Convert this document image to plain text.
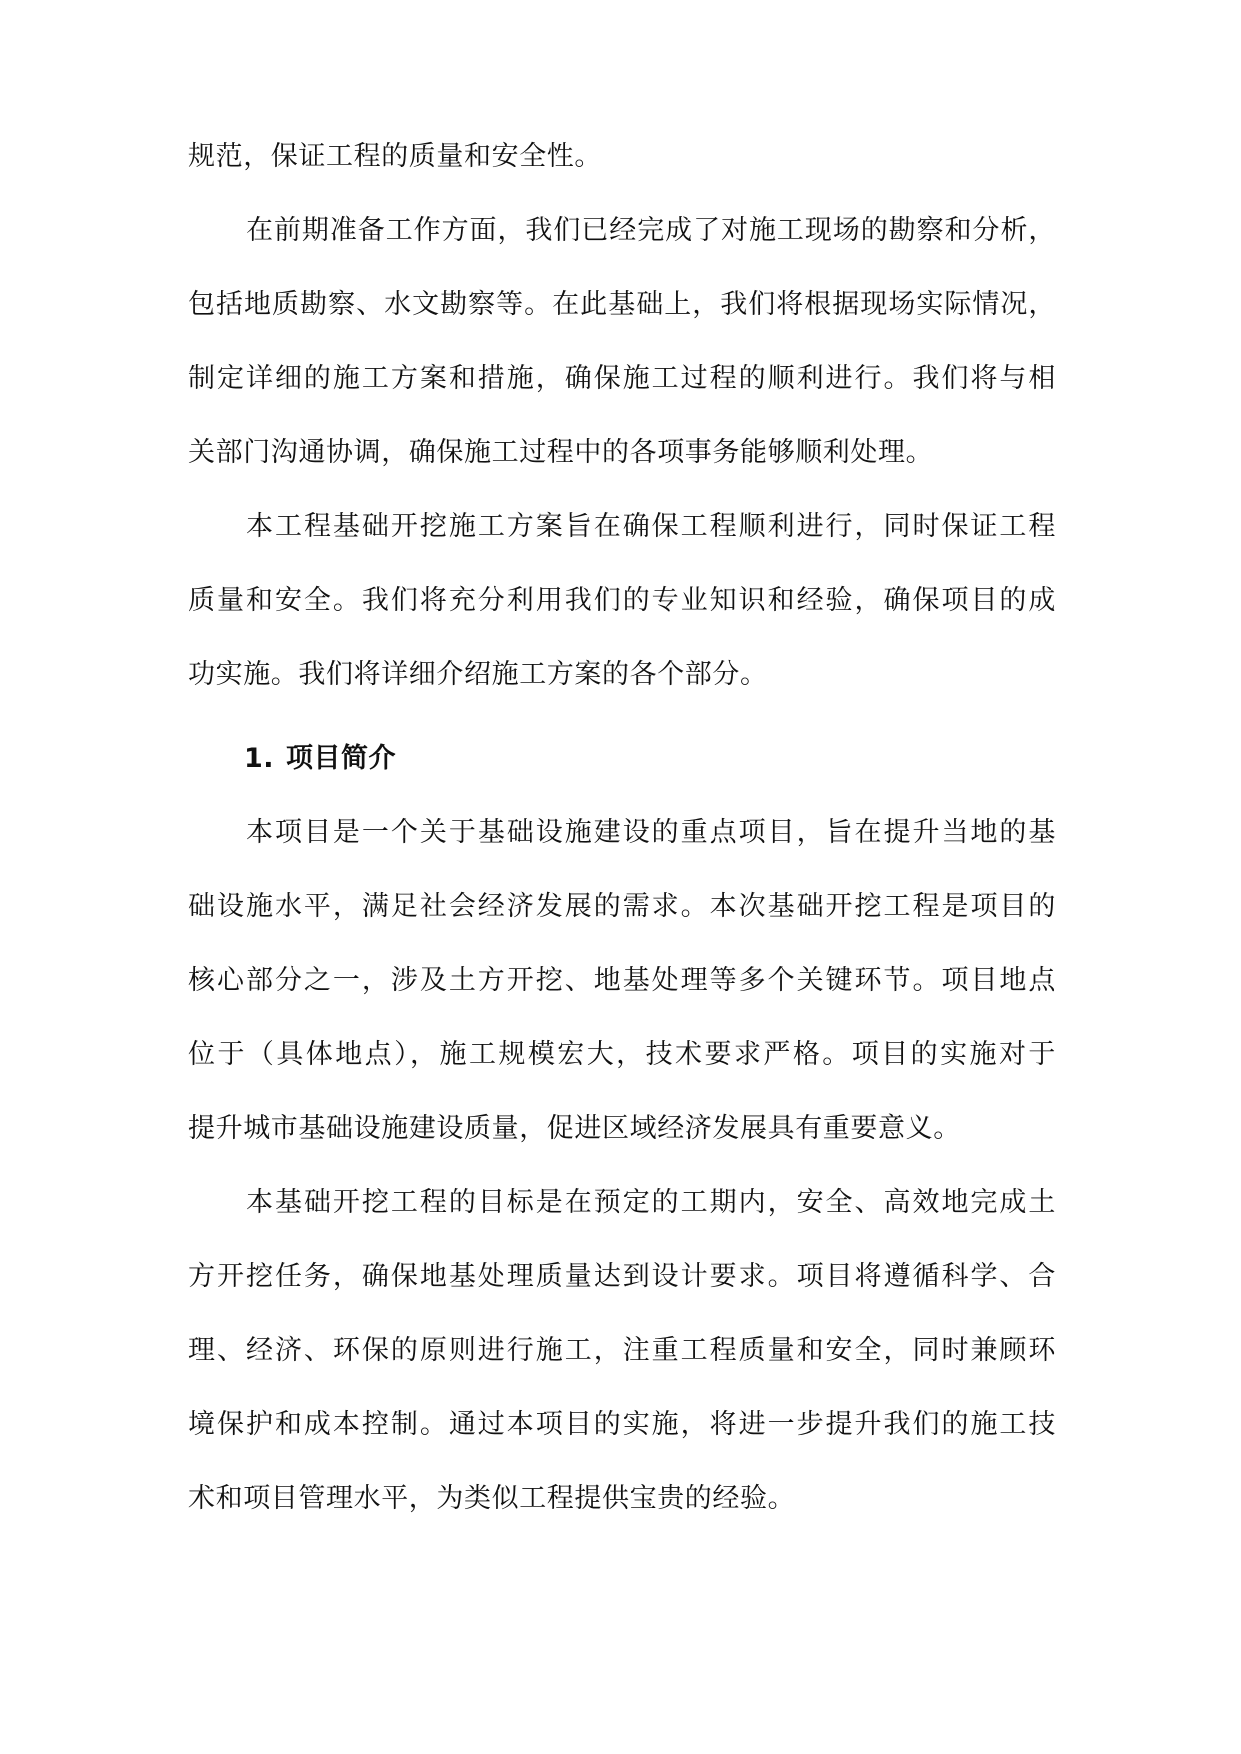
规范，保证工程的质量和安全性。
在前期准备工作方面，我们已经完成了对施工现场的勘察和分析，
包括地质勘察、水文勘察等。在此基础上，我们将根据现场实际情况，
制定详细的施工方案和措施，确保施工过程的顺利进行。我们将与相
关部门沟通协调，确保施工过程中的各项事务能够顺利处理。
本工程基础开挖施工方案旨在确保工程顺利进行，同时保证工程
质量和安全。我们将充分利用我们的专业知识和经验，确保项目的成
功实施。我们将详细介绍施工方案的各个部分。
1. 项目简介
本项目是一个关于基础设施建设的重点项目，旨在提升当地的基
础设施水平，满足社会经济发展的需求。本次基础开挖工程是项目的
核心部分之一，涉及土方开挖、地基处理等多个关键环节。项目地点
位于（具体地点），施工规模宏大，技术要求严格。项目的实施对于
提升城市基础设施建设质量，促进区域经济发展具有重要意义。
本基础开挖工程的目标是在预定的工期内，安全、高效地完成土
方开挖任务，确保地基处理质量达到设计要求。项目将遵循科学、合
理、经济、环保的原则进行施工，注重工程质量和安全，同时兼顾环
境保护和成本控制。通过本项目的实施，将进一步提升我们的施工技
术和项目管理水平，为类似工程提供宝贵的经验。
